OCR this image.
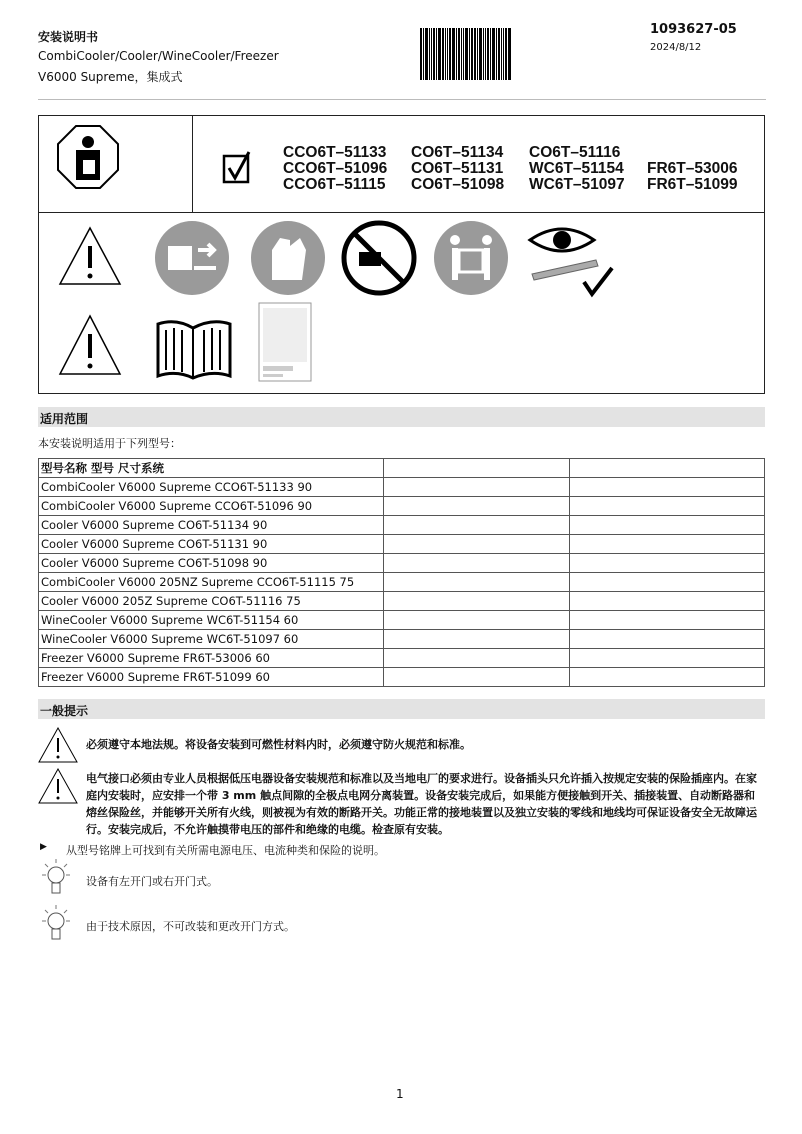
安装说明书
CombiCooler/Cooler/WineCooler/Freezer
V6000 Supreme，集成式
1093627-05
2024/8/12
CCO6T–51133	CO6T–51134	CO6T–51116
CCO6T–51096	CO6T–51131	WC6T–51154	FR6T–53006
CCO6T–51115	CO6T–51098	WC6T–51097	FR6T–51099
适用范围
本安装说明适用于下列型号：
型号名称 型号 尺寸系统		
CombiCooler V6000 Supreme CCO6T-51133 90		
CombiCooler V6000 Supreme CCO6T-51096 90		
Cooler V6000 Supreme CO6T-51134 90		
Cooler V6000 Supreme CO6T-51131 90		
Cooler V6000 Supreme CO6T-51098 90		
CombiCooler V6000 205NZ Supreme CCO6T-51115 75		
Cooler V6000 205Z Supreme CO6T-51116 75		
WineCooler V6000 Supreme WC6T-51154 60		
WineCooler V6000 Supreme WC6T-51097 60		
Freezer V6000 Supreme FR6T-53006 60		
Freezer V6000 Supreme FR6T-51099 60		
一般提示
必须遵守本地法规。将设备安装到可燃性材料内时，必须遵守防火规范和标准。
电气接口必须由专业人员根据低压电器设备安装规范和标准以及当地电厂的要求进行。设备插头只允许插入按规定安装的保险插座内。在家庭内安装时，应安排一个带 3 mm 触点间隙的全极点电网分离装置。设备安装完成后，如果能方便接触到开关、插接装置、自动断路器和熔丝保险丝，并能够开关所有火线，则被视为有效的断路开关。功能正常的接地装置以及独立安装的零线和地线均可保证设备安全无故障运行。安装完成后，不允许触摸带电压的部件和绝缘的电缆。检查原有安装。
▶ 从型号铭牌上可找到有关所需电源电压、电流种类和保险的说明。
设备有左开门或右开门式。
由于技术原因，不可改装和更改开门方式。
1
